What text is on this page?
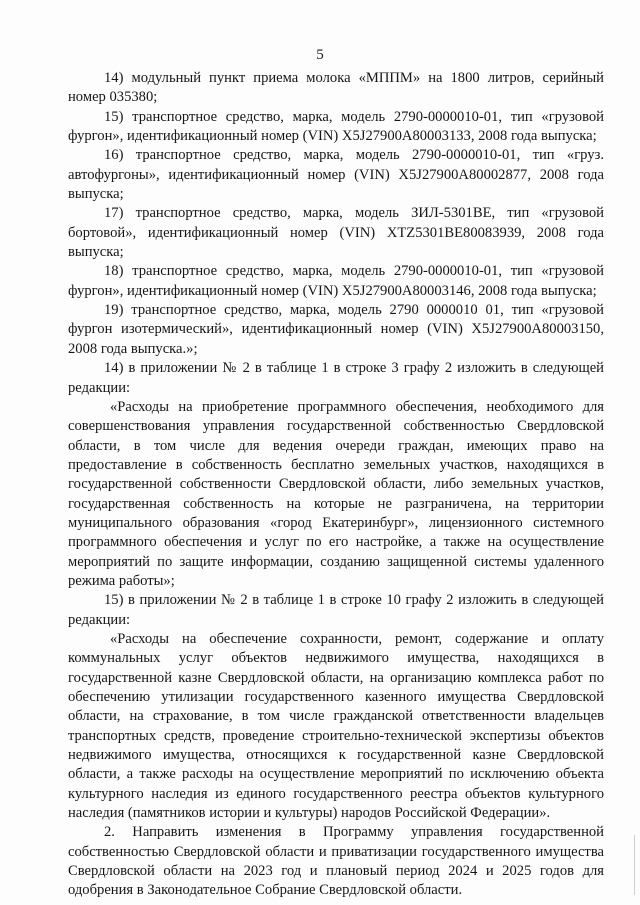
5

14) модульный пункт приема молока «МППМ» на 1800 литров, серийный номер 035380;

15) транспортное средство, марка, модель 2790-0000010-01, тип «грузовой фургон», идентификационный номер (VIN) X5J27900A80003133, 2008 года выпуска;

16) транспортное средство, марка, модель 2790-0000010-01, тип «груз. автофургоны», идентификационный номер (VIN) X5J27900A80002877, 2008 года выпуска;

17) транспортное средство, марка, модель ЗИЛ-5301ВЕ, тип «грузовой бортовой», идентификационный номер (VIN) XTZ5301BE80083939, 2008 года выпуска;

18) транспортное средство, марка, модель 2790-0000010-01, тип «грузовой фургон», идентификационный номер (VIN) X5J27900A80003146, 2008 года выпуска;

19) транспортное средство, марка, модель 2790 0000010 01, тип «грузовой фургон изотермический», идентификационный номер (VIN) X5J27900A80003150, 2008 года выпуска.»;

14) в приложении № 2 в таблице 1 в строке 3 графу 2 изложить в следующей редакции:

«Расходы на приобретение программного обеспечения, необходимого для совершенствования управления государственной собственностью Свердловской области, в том числе для ведения очереди граждан, имеющих право на предоставление в собственность бесплатно земельных участков, находящихся в государственной собственности Свердловской области, либо земельных участков, государственная собственность на которые не разграничена, на территории муниципального образования «город Екатеринбург», лицензионного системного программного обеспечения и услуг по его настройке, а также на осуществление мероприятий по защите информации, созданию защищенной системы удаленного режима работы»;

15) в приложении № 2 в таблице 1 в строке 10 графу 2 изложить в следующей редакции:

«Расходы на обеспечение сохранности, ремонт, содержание и оплату коммунальных услуг объектов недвижимого имущества, находящихся в государственной казне Свердловской области, на организацию комплекса работ по обеспечению утилизации государственного казенного имущества Свердловской области, на страхование, в том числе гражданской ответственности владельцев транспортных средств, проведение строительно-технической экспертизы объектов недвижимого имущества, относящихся к государственной казне Свердловской области, а также расходы на осуществление мероприятий по исключению объекта культурного наследия из единого государственного реестра объектов культурного наследия (памятников истории и культуры) народов Российской Федерации».

2. Направить изменения в Программу управления государственной собственностью Свердловской области и приватизации государственного имущества Свердловской области на 2023 год и плановый период 2024 и 2025 годов для одобрения в Законодательное Собрание Свердловской области.
